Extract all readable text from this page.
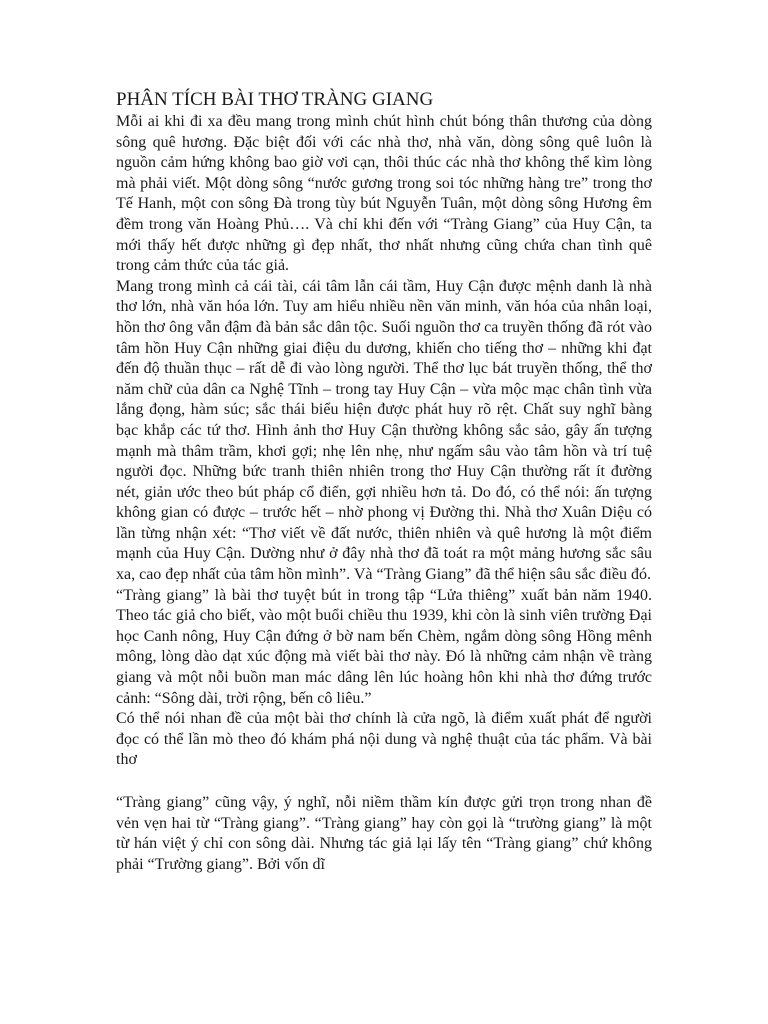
PHÂN TÍCH BÀI THƠ TRÀNG GIANG

Mỗi ai khi đi xa đều mang trong mình chút hình chút bóng thân thương của dòng sông quê hương. Đặc biệt đối với các nhà thơ, nhà văn, dòng sông quê luôn là nguồn cảm hứng không bao giờ vơi cạn, thôi thúc các nhà thơ không thể kìm lòng mà phải viết. Một dòng sông “nước gương trong soi tóc những hàng tre” trong thơ Tế Hanh, một con sông Đà trong tùy bút Nguyễn Tuân, một dòng sông Hương êm đềm trong văn Hoàng Phủ…. Và chỉ khi đến với “Tràng Giang” của Huy Cận, ta mới thấy hết được những gì đẹp nhất, thơ nhất nhưng cũng chứa chan tình quê trong cảm thức của tác giả.

Mang trong mình cả cái tài, cái tâm lẫn cái tầm, Huy Cận được mệnh danh là nhà thơ lớn, nhà văn hóa lớn. Tuy am hiểu nhiều nền văn minh, văn hóa của nhân loại, hồn thơ ông vẫn đậm đà bản sắc dân tộc. Suối nguồn thơ ca truyền thống đã rót vào tâm hồn Huy Cận những giai điệu du dương, khiến cho tiếng thơ – những khi đạt đến độ thuần thục – rất dễ đi vào lòng người. Thể thơ lục bát truyền thống, thể thơ năm chữ của dân ca Nghệ Tĩnh – trong tay Huy Cận – vừa mộc mạc chân tình vừa lắng đọng, hàm súc; sắc thái biểu hiện được phát huy rõ rệt. Chất suy nghĩ bàng bạc khắp các tứ thơ. Hình ảnh thơ Huy Cận thường không sắc sảo, gây ấn tượng mạnh mà thâm trầm, khơi gợi; nhẹ lên nhẹ, như ngấm sâu vào tâm hồn và trí tuệ người đọc. Những bức tranh thiên nhiên trong thơ Huy Cận thường rất ít đường nét, giản ước theo bút pháp cổ điển, gợi nhiều hơn tả. Do đó, có thể nói: ấn tượng không gian có được – trước hết – nhờ phong vị Đường thi. Nhà thơ Xuân Diệu có lần từng nhận xét: “Thơ viết về đất nước, thiên nhiên và quê hương là một điểm mạnh của Huy Cận. Dường như ở đây nhà thơ đã toát ra một mảng hương sắc sâu xa, cao đẹp nhất của tâm hồn mình”. Và “Tràng Giang” đã thể hiện sâu sắc điều đó.

“Tràng giang” là bài thơ tuyệt bút in trong tập “Lửa thiêng” xuất bản năm 1940. Theo tác giả cho biết, vào một buổi chiều thu 1939, khi còn là sinh viên trường Đại học Canh nông, Huy Cận đứng ở bờ nam bến Chèm, ngắm dòng sông Hồng mênh mông, lòng dào dạt xúc động mà viết bài thơ này. Đó là những cảm nhận về tràng giang và một nỗi buồn man mác dâng lên lúc hoàng hôn khi nhà thơ đứng trước cảnh: “Sông dài, trời rộng, bến cô liêu.”

Có thể nói nhan đề của một bài thơ chính là cửa ngõ, là điểm xuất phát để người đọc có thể lần mò theo đó khám phá nội dung và nghệ thuật của tác phẩm. Và bài thơ

“Tràng giang” cũng vậy, ý nghĩ, nỗi niềm thầm kín được gửi trọn trong nhan đề vẻn vẹn hai từ “Tràng giang”. “Tràng giang” hay còn gọi là “trường giang” là một từ hán việt ý chỉ con sông dài. Nhưng tác giả lại lấy tên “Tràng giang” chứ không phải “Trường giang”. Bởi vốn dĩ
